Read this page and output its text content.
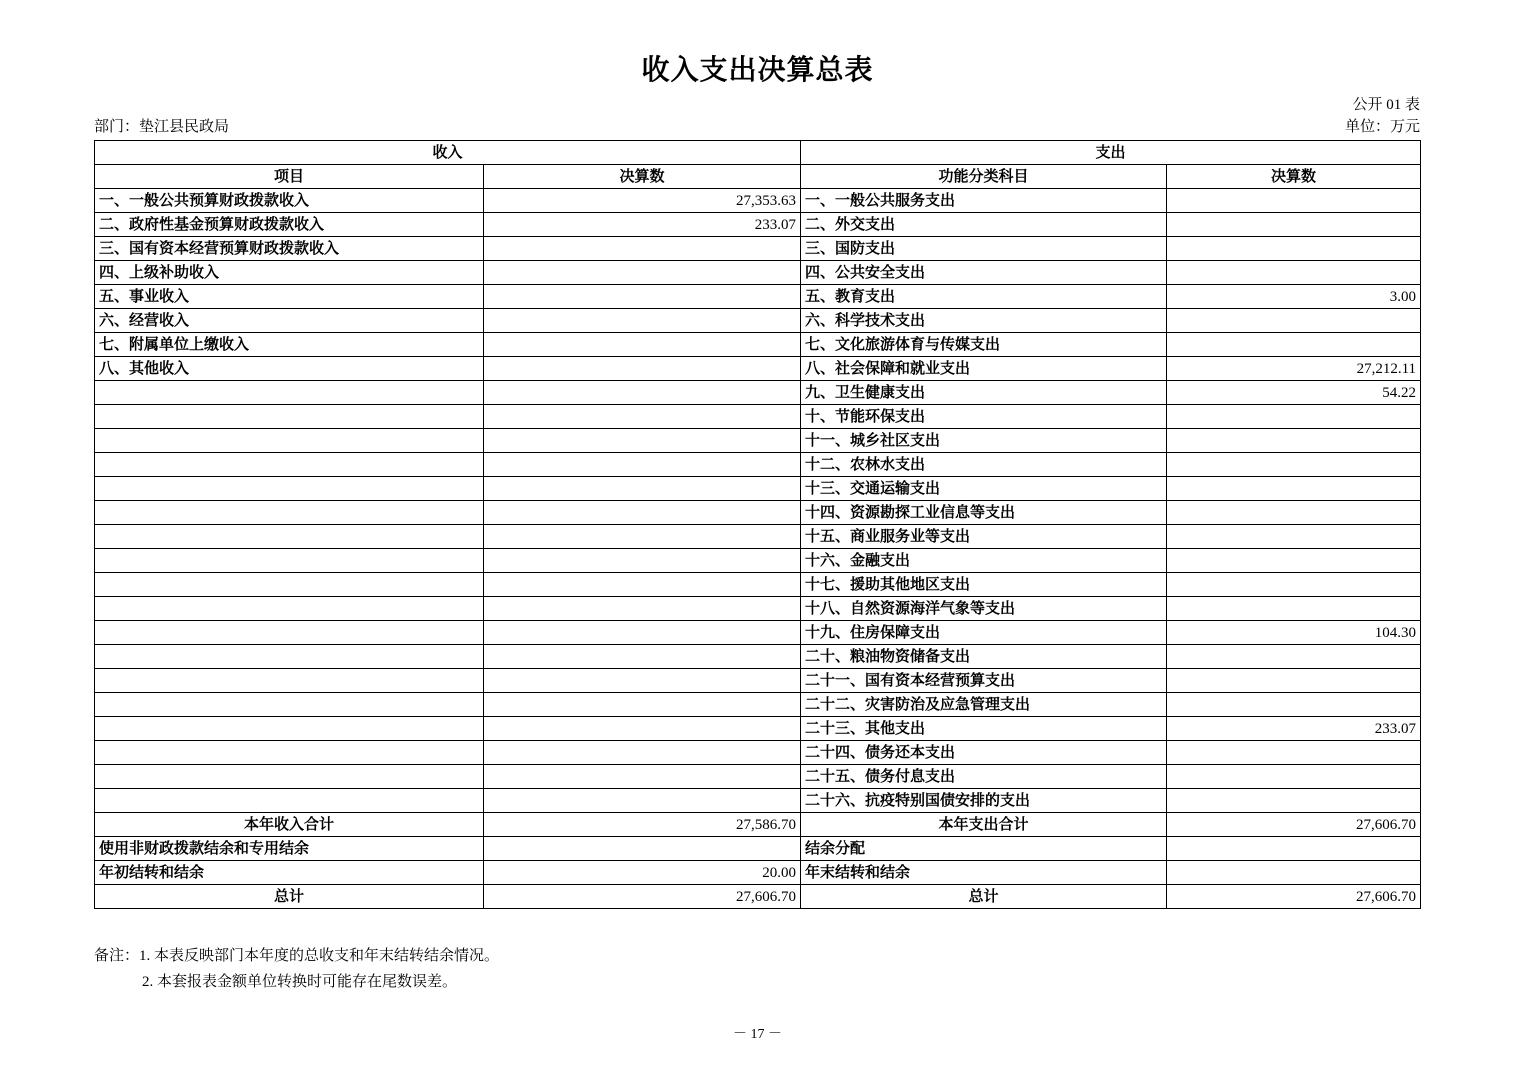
收入支出决算总表
公开 01 表
部门：垫江县民政局	单位：万元
收入		支出	
项目	决算数	功能分类科目	决算数
一、一般公共预算财政拨款收入	27,353.63	一、一般公共服务支出	
二、政府性基金预算财政拨款收入	233.07	二、外交支出	
三、国有资本经营预算财政拨款收入		三、国防支出	
四、上级补助收入		四、公共安全支出	
五、事业收入		五、教育支出	3.00
六、经营收入		六、科学技术支出	
七、附属单位上缴收入		七、文化旅游体育与传媒支出	
八、其他收入		八、社会保障和就业支出	27,212.11
		九、卫生健康支出	54.22
		十、节能环保支出	
		十一、城乡社区支出	
		十二、农林水支出	
		十三、交通运输支出	
		十四、资源勘探工业信息等支出	
		十五、商业服务业等支出	
		十六、金融支出	
		十七、援助其他地区支出	
		十八、自然资源海洋气象等支出	
		十九、住房保障支出	104.30
		二十、粮油物资储备支出	
		二十一、国有资本经营预算支出	
		二十二、灾害防治及应急管理支出	
		二十三、其他支出	233.07
		二十四、债务还本支出	
		二十五、债务付息支出	
		二十六、抗疫特别国债安排的支出	
本年收入合计	27,586.70	本年支出合计	27,606.70
使用非财政拨款结余和专用结余		结余分配	
年初结转和结余	20.00	年末结转和结余	
总计	27,606.70	总计	27,606.70
备注：1. 本表反映部门本年度的总收支和年末结转结余情况。
2. 本套报表金额单位转换时可能存在尾数误差。
－ 17 －
